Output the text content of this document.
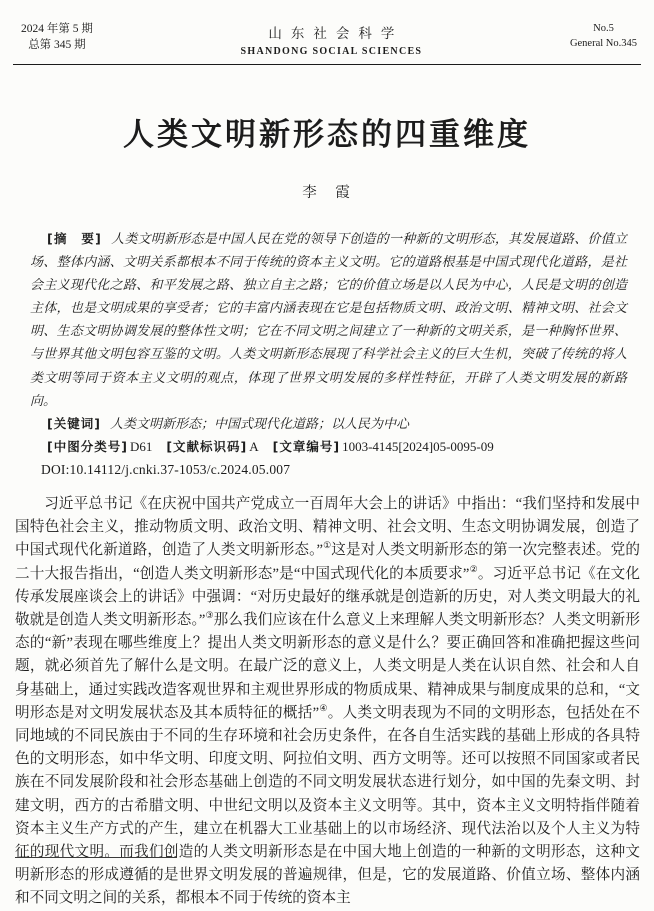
2024 年第 5 期
总第 345 期
山东社会科学
SHANDONG SOCIAL SCIENCES
No.5
General No.345
人类文明新形态的四重维度
李　霞

[摘　要] 人类文明新形态是中国人民在党的领导下创造的一种新的文明形态，其发展道路、价值立场、整体内涵、文明关系都根本不同于传统的资本主义文明。它的道路根基是中国式现代化道路，是社会主义现代化之路、和平发展之路、独立自主之路；它的价值立场是以人民为中心，人民是文明的创造主体，也是文明成果的享受者；它的丰富内涵表现在它是包括物质文明、政治文明、精神文明、社会文明、生态文明协调发展的整体性文明；它在不同文明之间建立了一种新的文明关系，是一种胸怀世界、与世界其他文明包容互鉴的文明。人类文明新形态展现了科学社会主义的巨大生机，突破了传统的将人类文明等同于资本主义文明的观点，体现了世界文明发展的多样性特征，开辟了人类文明发展的新路向。

[关键词] 人类文明新形态；中国式现代化道路；以人民为中心

[中图分类号] D61 [文献标识码] A [文章编号] 1003-4145[2024]05-0095-09

DOI:10.14112/j.cnki.37-1053/c.2024.05.007

习近平总书记《在庆祝中国共产党成立一百周年大会上的讲话》中指出：“我们坚持和发展中国特色社会主义，推动物质文明、政治文明、精神文明、社会文明、生态文明协调发展，创造了中国式现代化新道路，创造了人类文明新形态。”①这是对人类文明新形态的第一次完整表述。党的二十大报告指出，“创造人类文明新形态”是“中国式现代化的本质要求”②。习近平总书记《在文化传承发展座谈会上的讲话》中强调：“对历史最好的继承就是创造新的历史，对人类文明最大的礼敬就是创造人类文明新形态。”③那么我们应该在什么意义上来理解人类文明新形态？人类文明新形态的“新”表现在哪些维度上？提出人类文明新形态的意义是什么？要正确回答和准确把握这些问题，就必须首先了解什么是文明。在最广泛的意义上，人类文明是人类在认识自然、社会和人自身基础上，通过实践改造客观世界和主观世界形成的物质成果、精神成果与制度成果的总和，“文明形态是对文明发展状态及其本质特征的概括”④。人类文明表现为不同的文明形态，包括处在不同地域的不同民族由于不同的生存环境和社会历史条件，在各自生活实践的基础上形成的各具特色的文明形态，如中华文明、印度文明、阿拉伯文明、西方文明等。还可以按照不同国家或者民族在不同发展阶段和社会形态基础上创造的不同文明发展状态进行划分，如中国的先秦文明、封建文明，西方的古希腊文明、中世纪文明以及资本主义文明等。其中，资本主义文明特指伴随着资本主义生产方式的产生，建立在机器大工业基础上的以市场经济、现代法治以及个人主义为特征的现代文明。而我们创造的人类文明新形态是在中国大地上创造的一种新的文明形态，这种文明新形态的形成遵循的是世界文明发展的普遍规律，但是，它的发展道路、价值立场、整体内涵和不同文明之间的关系，都根本不同于传统的资本主
